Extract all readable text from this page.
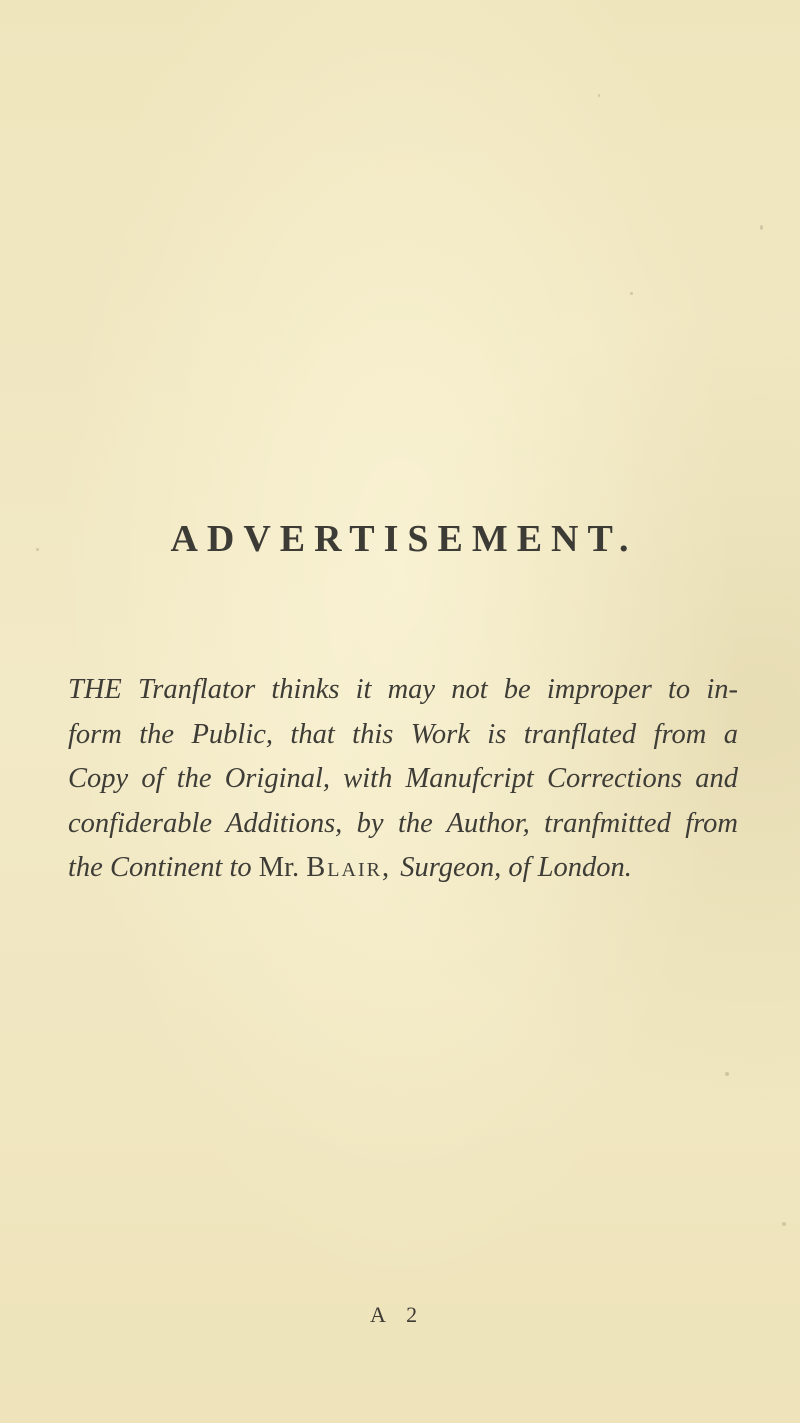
ADVERTISEMENT.
THE Tranflator thinks it may not be improper to in-
form the Public, that this Work is tranflated from a
Copy of the Original, with Manufcript Corrections and
confiderable Additions, by the Author, tranfmitted from
the Continent to Mr. Blair, Surgeon, of London.
A 2
